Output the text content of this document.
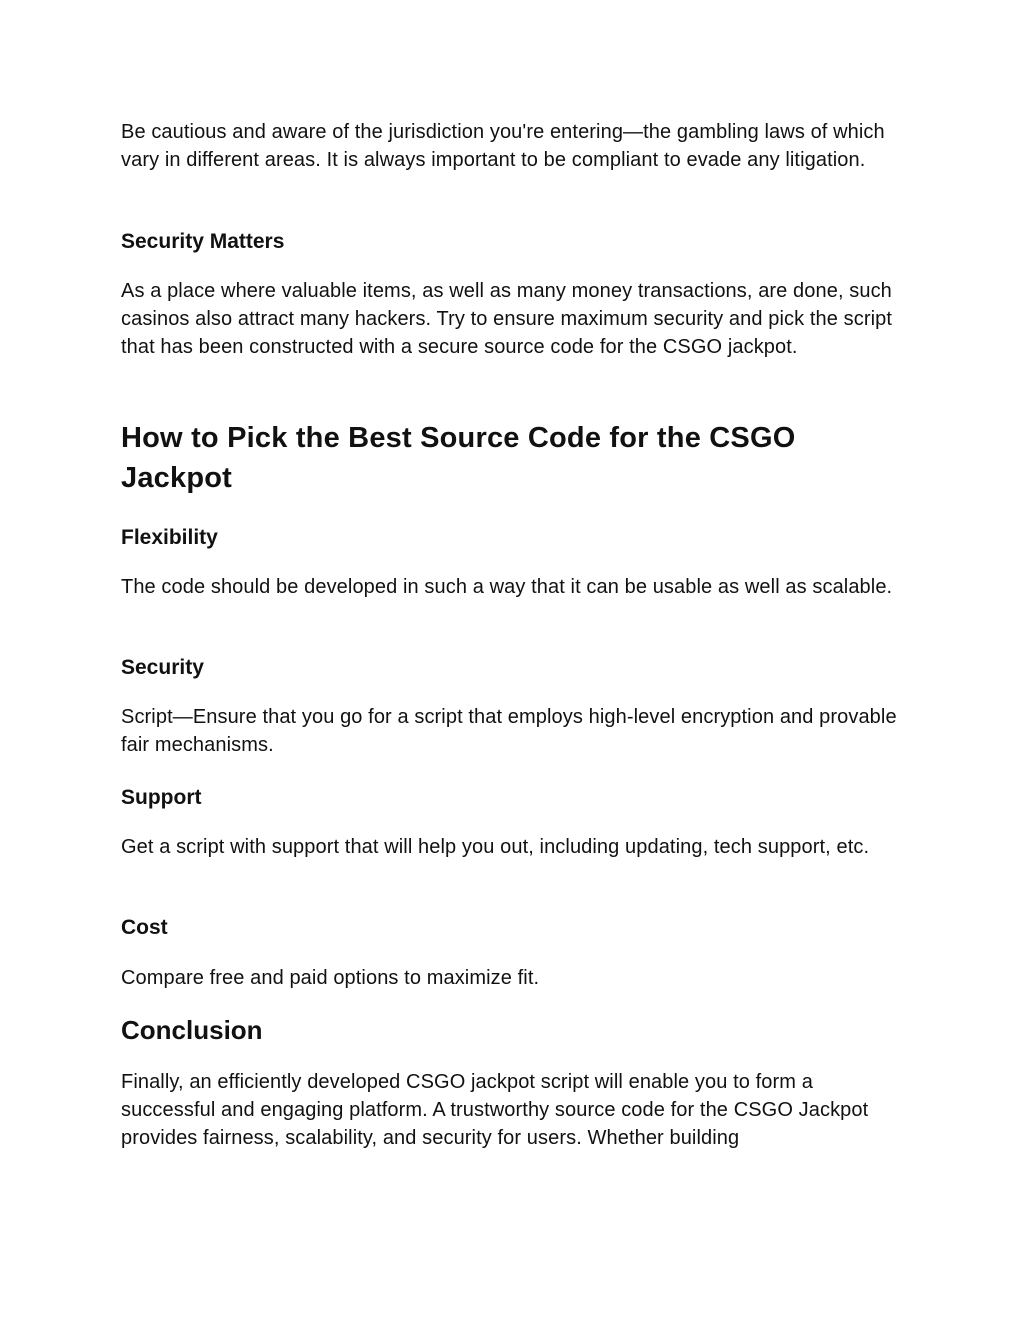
Be cautious and aware of the jurisdiction you're entering—the gambling laws of which vary in different areas. It is always important to be compliant to evade any litigation.

Security Matters

As a place where valuable items, as well as many money transactions, are done, such casinos also attract many hackers. Try to ensure maximum security and pick the script that has been constructed with a secure source code for the CSGO jackpot.

How to Pick the Best Source Code for the CSGO Jackpot
Flexibility

The code should be developed in such a way that it can be usable as well as scalable.

Security

Script—Ensure that you go for a script that employs high-level encryption and provable fair mechanisms.

Support

Get a script with support that will help you out, including updating, tech support, etc.

Cost

Compare free and paid options to maximize fit.

Conclusion

Finally, an efficiently developed CSGO jackpot script will enable you to form a successful and engaging platform. A trustworthy source code for the CSGO Jackpot provides fairness, scalability, and security for users. Whether building
